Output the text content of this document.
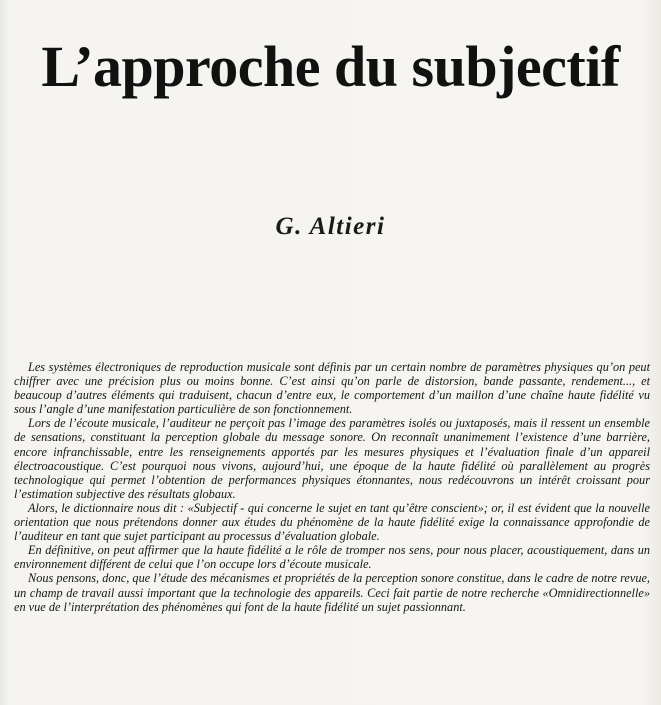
L’approche du subjectif
G. Altieri

Les systèmes électroniques de reproduction musicale sont définis par un certain nombre de paramètres physiques qu’on peut chiffrer avec une précision plus ou moins bonne. C’est ainsi qu’on parle de distorsion, bande passante, rendement..., et beaucoup d’autres éléments qui traduisent, chacun d’entre eux, le comportement d’un maillon d’une chaîne haute fidélité vu sous l’angle d’une manifestation particulière de son fonctionnement.

Lors de l’écoute musicale, l’auditeur ne perçoit pas l’image des paramètres isolés ou juxtaposés, mais il ressent un ensemble de sensations, constituant la perception globale du message sonore. On reconnaît unanimement l’existence d’une barrière, encore infranchissable, entre les renseignements apportés par les mesures physiques et l’évaluation finale d’un appareil électroacoustique. C’est pourquoi nous vivons, aujourd’hui, une époque de la haute fidélité où parallèlement au progrès technologique qui permet l’obtention de performances physiques étonnantes, nous redécouvrons un intérêt croissant pour l’estimation subjective des résultats globaux.

Alors, le dictionnaire nous dit : «Subjectif - qui concerne le sujet en tant qu’être conscient»; or, il est évident que la nouvelle orientation que nous prétendons donner aux études du phénomène de la haute fidélité exige la connaissance approfondie de l’auditeur en tant que sujet participant au processus d’évaluation globale.

En définitive, on peut affirmer que la haute fidélité a le rôle de tromper nos sens, pour nous placer, acoustiquement, dans un environnement différent de celui que l’on occupe lors d’écoute musicale.

Nous pensons, donc, que l’étude des mécanismes et propriétés de la perception sonore constitue, dans le cadre de notre revue, un champ de travail aussi important que la technologie des appareils. Ceci fait partie de notre recherche «Omnidirectionnelle» en vue de l’interprétation des phénomènes qui font de la haute fidélité un sujet passionnant.
